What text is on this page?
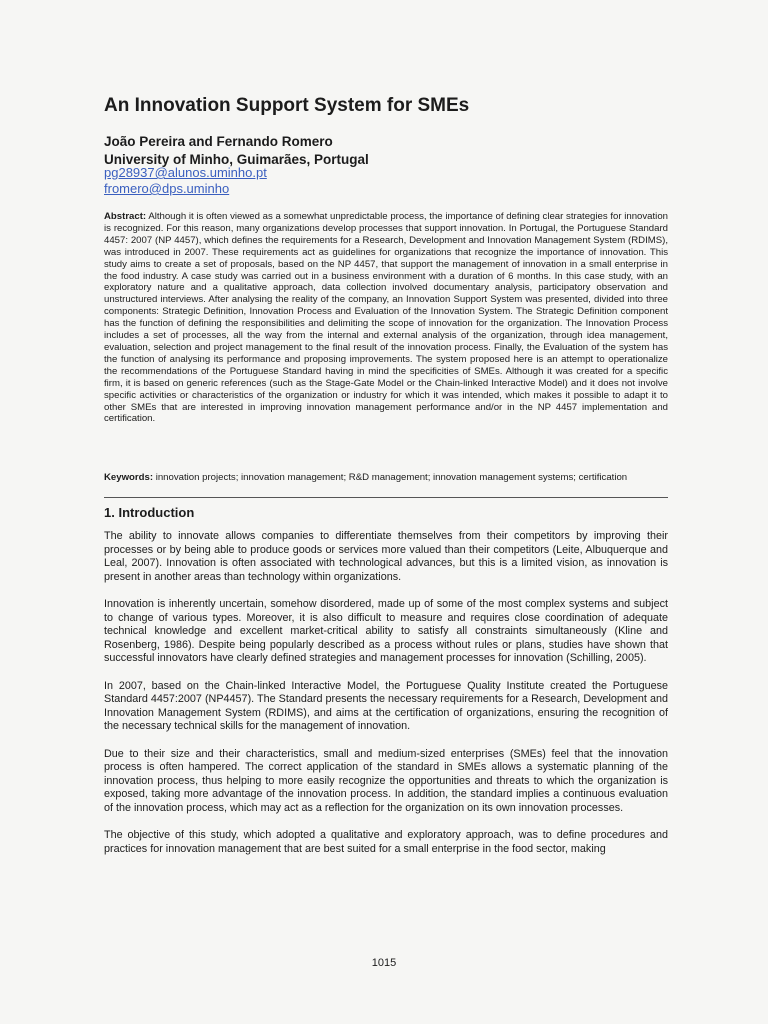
An Innovation Support System for SMEs
João Pereira and Fernando Romero
University of Minho, Guimarães, Portugal
pg28937@alunos.uminho.pt
fromero@dps.uminho

Abstract: Although it is often viewed as a somewhat unpredictable process, the importance of defining clear strategies for innovation is recognized. For this reason, many organizations develop processes that support innovation. In Portugal, the Portuguese Standard 4457: 2007 (NP 4457), which defines the requirements for a Research, Development and Innovation Management System (RDIMS), was introduced in 2007. These requirements act as guidelines for organizations that recognize the importance of innovation. This study aims to create a set of proposals, based on the NP 4457, that support the management of innovation in a small enterprise in the food industry. A case study was carried out in a business environment with a duration of 6 months. In this case study, with an exploratory nature and a qualitative approach, data collection involved documentary analysis, participatory observation and unstructured interviews. After analysing the reality of the company, an Innovation Support System was presented, divided into three components: Strategic Definition, Innovation Process and Evaluation of the Innovation System. The Strategic Definition component has the function of defining the responsibilities and delimiting the scope of innovation for the organization. The Innovation Process includes a set of processes, all the way from the internal and external analysis of the organization, through idea management, evaluation, selection and project management to the final result of the innovation process. Finally, the Evaluation of the system has the function of analysing its performance and proposing improvements. The system proposed here is an attempt to operationalize the recommendations of the Portuguese Standard having in mind the specificities of SMEs. Although it was created for a specific firm, it is based on generic references (such as the Stage-Gate Model or the Chain-linked Interactive Model) and it does not involve specific activities or characteristics of the organization or industry for which it was intended, which makes it possible to adapt it to other SMEs that are interested in improving innovation management performance and/or in the NP 4457 implementation and certification.

Keywords: innovation projects; innovation management; R&D management; innovation management systems; certification

1. Introduction

The ability to innovate allows companies to differentiate themselves from their competitors by improving their processes or by being able to produce goods or services more valued than their competitors (Leite, Albuquerque and Leal, 2007). Innovation is often associated with technological advances, but this is a limited vision, as innovation is present in another areas than technology within organizations.

Innovation is inherently uncertain, somehow disordered, made up of some of the most complex systems and subject to change of various types. Moreover, it is also difficult to measure and requires close coordination of adequate technical knowledge and excellent market-critical ability to satisfy all constraints simultaneously (Kline and Rosenberg, 1986). Despite being popularly described as a process without rules or plans, studies have shown that successful innovators have clearly defined strategies and management processes for innovation (Schilling, 2005).

In 2007, based on the Chain-linked Interactive Model, the Portuguese Quality Institute created the Portuguese Standard 4457:2007 (NP4457). The Standard presents the necessary requirements for a Research, Development and Innovation Management System (RDIMS), and aims at the certification of organizations, ensuring the recognition of the necessary technical skills for the management of innovation.

Due to their size and their characteristics, small and medium-sized enterprises (SMEs) feel that the innovation process is often hampered. The correct application of the standard in SMEs allows a systematic planning of the innovation process, thus helping to more easily recognize the opportunities and threats to which the organization is exposed, taking more advantage of the innovation process. In addition, the standard implies a continuous evaluation of the innovation process, which may act as a reflection for the organization on its own innovation processes.

The objective of this study, which adopted a qualitative and exploratory approach, was to define procedures and practices for innovation management that are best suited for a small enterprise in the food sector, making

1015
